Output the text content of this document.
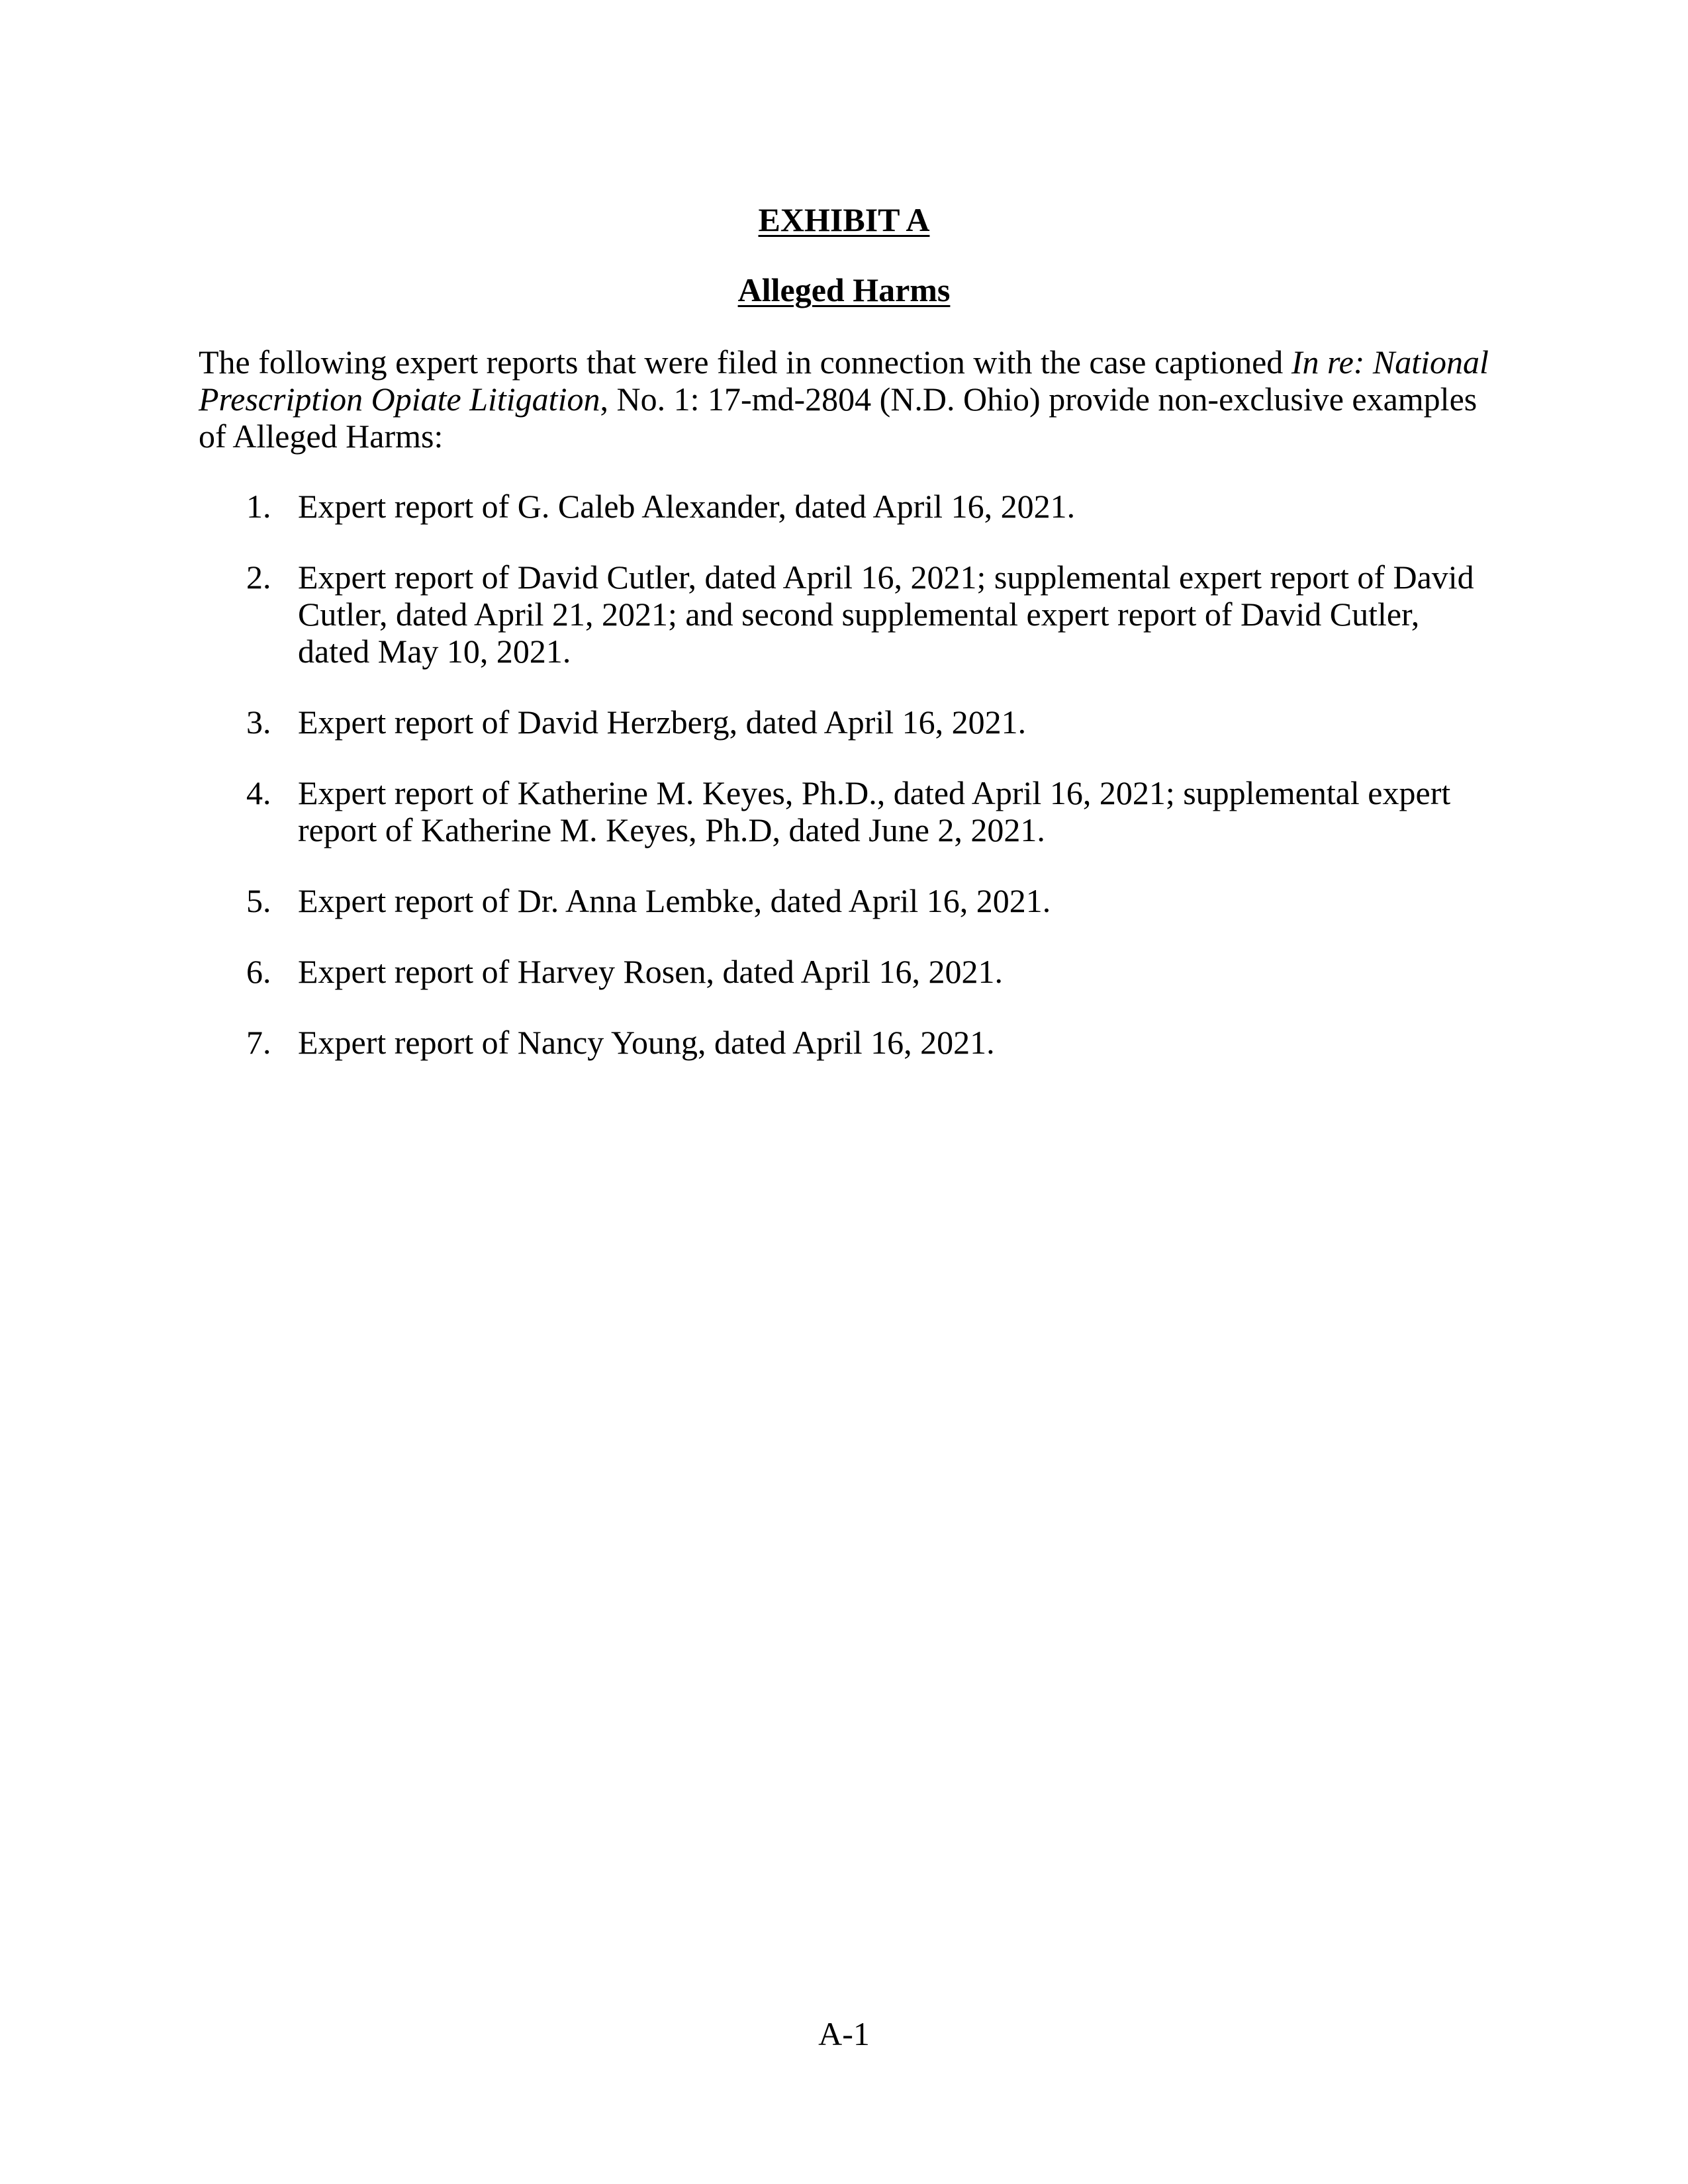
EXHIBIT A
Alleged Harms

The following expert reports that were filed in connection with the case captioned In re: National Prescription Opiate Litigation, No. 1: 17-md-2804 (N.D. Ohio) provide non-exclusive examples of Alleged Harms:

1. Expert report of G. Caleb Alexander, dated April 16, 2021.
2. Expert report of David Cutler, dated April 16, 2021; supplemental expert report of David Cutler, dated April 21, 2021; and second supplemental expert report of David Cutler, dated May 10, 2021.
3. Expert report of David Herzberg, dated April 16, 2021.
4. Expert report of Katherine M. Keyes, Ph.D., dated April 16, 2021; supplemental expert report of Katherine M. Keyes, Ph.D, dated June 2, 2021.
5. Expert report of Dr. Anna Lembke, dated April 16, 2021.
6. Expert report of Harvey Rosen, dated April 16, 2021.
7. Expert report of Nancy Young, dated April 16, 2021.

A-1
